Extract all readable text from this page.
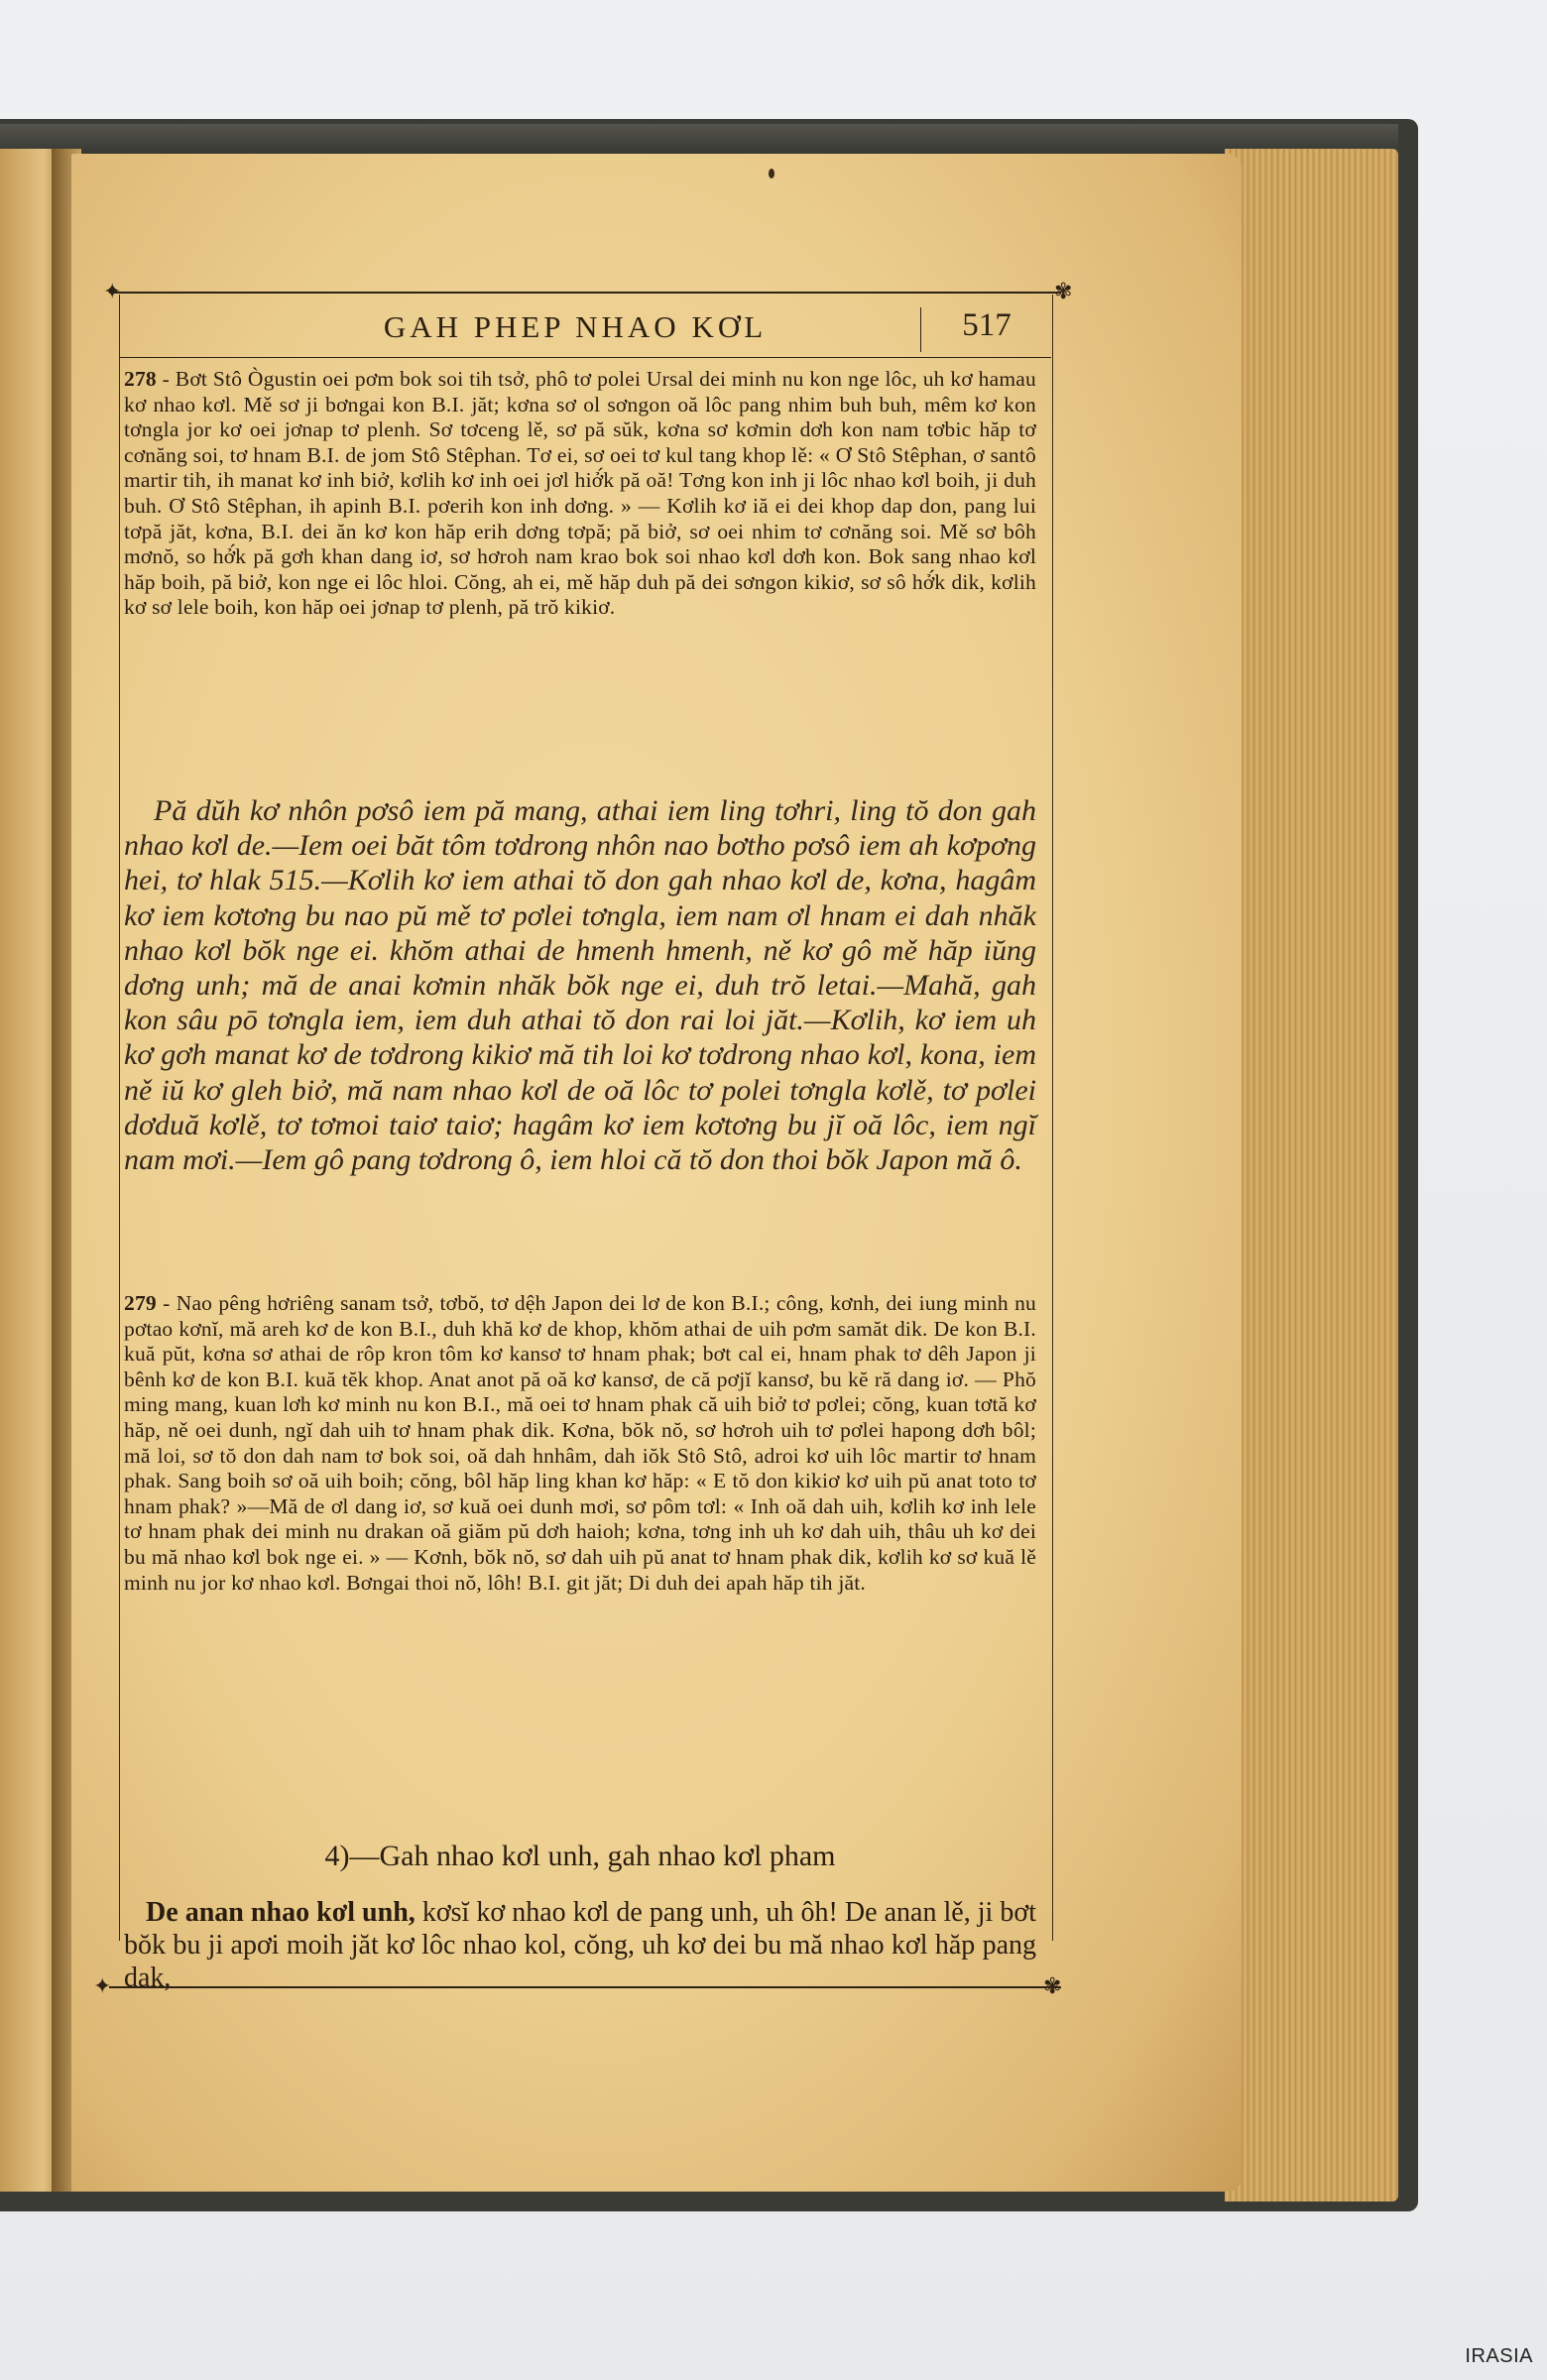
✦	✾
GAH PHEP NHAO KƠL	517
278 - Bơt Stô Ògustin oei pơm bok soi tih tsở, phô tơ polei Ursal dei minh nu kon nge lôc, uh kơ hamau kơ nhao kơl. Mě sơ ji bơngai kon B.I. jăt; kơna sơ ol sơngon oă lôc pang nhim buh buh, mêm kơ kon tơngla jor kơ oei jơnap tơ plenh. Sơ tơceng lě, sơ pă sŭk, kơna sơ kơmin dơh kon nam tơbic hăp tơ cơnăng soi, tơ hnam B.I. de jom Stô Stêphan. Tơ ei, sơ oei tơ kul tang khop lě: « Ơ Stô Stêphan, ơ santô martir tih, ih manat kơ inh biở, kơlih kơ inh oei jơl hiở́k pă oă! Tơng kon inh ji lôc nhao kơl boih, ji duh buh. Ơ Stô Stêphan, ih apinh B.I. pơerih kon inh dơng. » — Kơlih kơ iă ei dei khop dap don, pang lui tơpă jăt, kơna, B.I. dei ăn kơ kon hăp erih dơng tơpă; pă biở, sơ oei nhim tơ cơnăng soi. Mě sơ bôh mơnŏ, so hở́k pă gơh khan dang iơ, sơ hơroh nam krao bok soi nhao kơl dơh kon. Bok sang nhao kơl hăp boih, pă biở, kon nge ei lôc hloi. Cŏng, ah ei, mě hăp duh pă dei sơngon kikiơ, sơ sô hở́k dik, kơlih kơ sơ lele boih, kon hăp oei jơnap tơ plenh, pă trŏ kikiơ.
Pă dŭh kơ nhôn pơsô iem pă mang, athai iem ling tơhri, ling tŏ don gah nhao kơl de.—Iem oei băt tôm tơdrong nhôn nao bơtho pơsô iem ah kơpơng hei, tơ hlak 515.—Kơlih kơ iem athai tŏ don gah nhao kơl de, kơna, hagâm kơ iem kơtơng bu nao pŭ mě tơ pơlei tơngla, iem nam ơl hnam ei dah nhăk nhao kơl bŏk nge ei. khŏm athai de hmenh hmenh, ně kơ gô mě hăp iŭng dơng unh; mă de anai kơmin nhăk bŏk nge ei, duh trŏ letai.—Mahă, gah kon sâu pō tơngla iem, iem duh athai tŏ don rai loi jăt.—Kơlih, kơ iem uh kơ gơh manat kơ de tơdrong kikiơ mă tih loi kơ tơdrong nhao kơl, kona, iem ně iŭ kơ gleh biở, mă nam nhao kơl de oă lôc tơ polei tơngla kơlě, tơ pơlei dơduă kơlě, tơ tơmoi taiơ taiơ; hagâm kơ iem kơtơng bu jĭ oă lôc, iem ngĭ nam mơi.—Iem gô pang tơdrong ô, iem hloi că tŏ don thoi bŏk Japon mă ô.
279 - Nao pêng hơriêng sanam tsở, tơbŏ, tơ dệh Japon dei lơ de kon B.I.; công, kơnh, dei iung minh nu pơtao kơnĭ, mă areh kơ de kon B.I., duh khă kơ de khop, khŏm athai de uih pơm samăt dik. De kon B.I. kuă pŭt, kơna sơ athai de rôp kron tôm kơ kansơ tơ hnam phak; bơt cal ei, hnam phak tơ dêh Japon ji bênh kơ de kon B.I. kuă tĕk khop. Anat anot pă oă kơ kansơ, de că pơjĭ kansơ, bu kĕ ră dang iơ. — Phŏ ming mang, kuan lơh kơ minh nu kon B.I., mă oei tơ hnam phak că uih biở tơ pơlei; cŏng, kuan tơtă kơ hăp, ně oei dunh, ngĭ dah uih tơ hnam phak dik. Kơna, bŏk nŏ, sơ hơroh uih tơ pơlei hapong dơh bôl; mă loi, sơ tŏ don dah nam tơ bok soi, oă dah hnhâm, dah iŏk Stô Stô, adroi kơ uih lôc martir tơ hnam phak. Sang boih sơ oă uih boih; cŏng, bôl hăp ling khan kơ hăp: « E tŏ don kikiơ kơ uih pŭ anat toto tơ hnam phak? »—Mă de ơl dang iơ, sơ kuă oei dunh mơi, sơ pôm tơl: « Inh oă dah uih, kơlih kơ inh lele tơ hnam phak dei minh nu drakan oă giăm pŭ dơh haioh; kơna, tơng inh uh kơ dah uih, thâu uh kơ dei bu mă nhao kơl bok nge ei. » — Kơnh, bŏk nŏ, sơ dah uih pŭ anat tơ hnam phak dik, kơlih kơ sơ kuă lě minh nu jor kơ nhao kơl. Bơngai thoi nŏ, lôh! B.I. git jăt; Di duh dei apah hăp tih jăt.
4)—Gah nhao kơl unh, gah nhao kơl pham
De anan nhao kơl unh, kơsĭ kơ nhao kơl de pang unh, uh ôh! De anan lě, ji bơt bŏk bu ji apơi moih jăt kơ lôc nhao kol, cŏng, uh kơ dei bu mă nhao kơl hăp pang dak,
✦	✾
IRASIA
